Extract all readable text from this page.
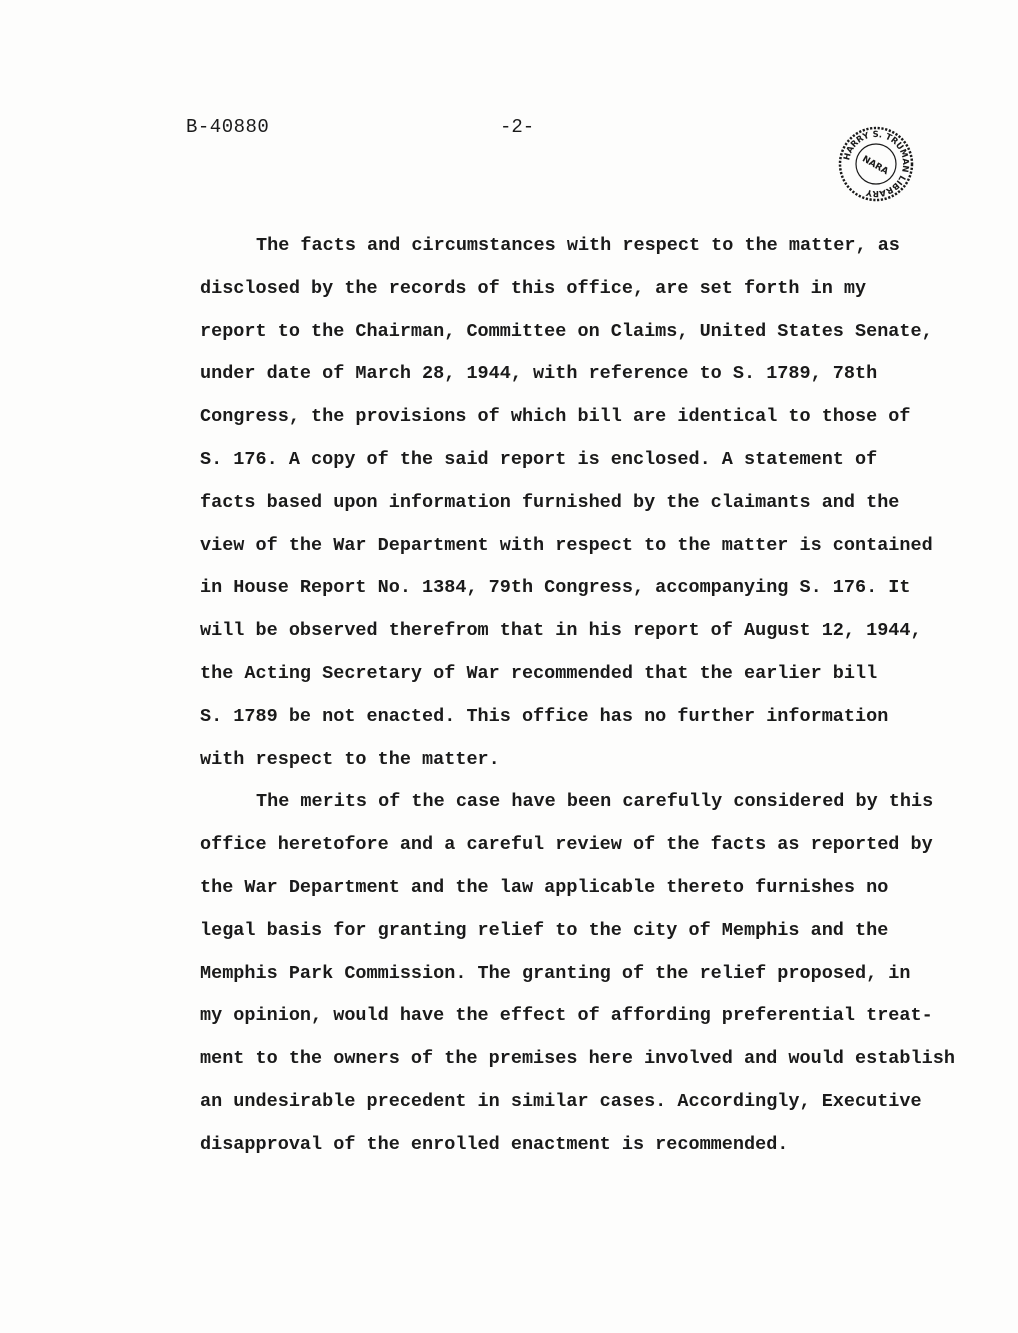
B-40880	-2-
HARRY S. TRUMAN LIBRARY
NARA
The facts and circumstances with respect to the matter, as
disclosed by the records of this office, are set forth in my
report to the Chairman, Committee on Claims, United States Senate,
under date of March 28, 1944, with reference to S. 1789, 78th
Congress, the provisions of which bill are identical to those of
S. 176. A copy of the said report is enclosed. A statement of
facts based upon information furnished by the claimants and the
view of the War Department with respect to the matter is contained
in House Report No. 1384, 79th Congress, accompanying S. 176. It
will be observed therefrom that in his report of August 12, 1944,
the Acting Secretary of War recommended that the earlier bill
S. 1789 be not enacted. This office has no further information
with respect to the matter.
The merits of the case have been carefully considered by this
office heretofore and a careful review of the facts as reported by
the War Department and the law applicable thereto furnishes no
legal basis for granting relief to the city of Memphis and the
Memphis Park Commission. The granting of the relief proposed, in
my opinion, would have the effect of affording preferential treat-
ment to the owners of the premises here involved and would establish
an undesirable precedent in similar cases. Accordingly, Executive
disapproval of the enrolled enactment is recommended.
